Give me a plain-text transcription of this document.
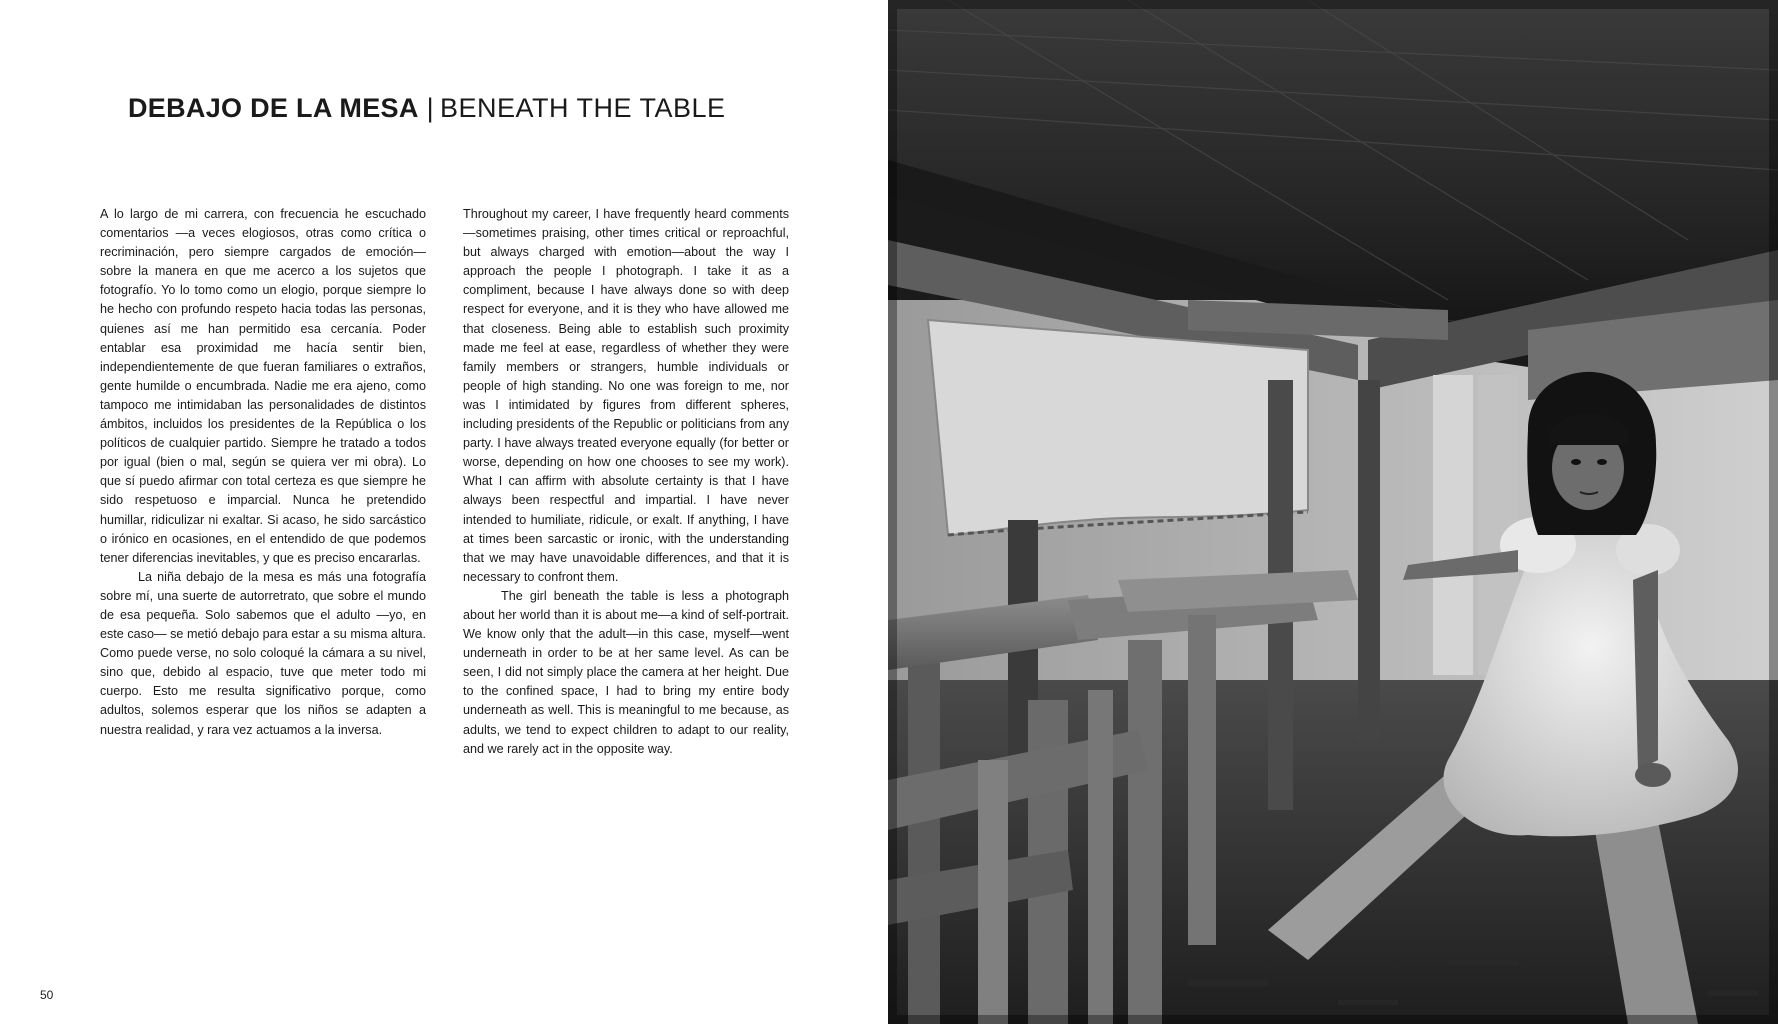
DEBAJO DE LA MESA | BENEATH THE TABLE

A lo largo de mi carrera, con frecuencia he escuchado comentarios —a veces elogiosos, otras como crítica o recriminación, pero siempre cargados de emoción— sobre la manera en que me acerco a los sujetos que fotografío. Yo lo tomo como un elogio, porque siempre lo he hecho con profundo respeto hacia todas las personas, quienes así me han permitido esa cercanía. Poder entablar esa proximidad me hacía sentir bien, independientemente de que fueran familiares o extraños, gente humilde o encumbrada. Nadie me era ajeno, como tampoco me intimidaban las personalidades de distintos ámbitos, incluidos los presidentes de la República o los políticos de cualquier partido. Siempre he tratado a todos por igual (bien o mal, según se quiera ver mi obra). Lo que sí puedo afirmar con total certeza es que siempre he sido respetuoso e imparcial. Nunca he pretendido humillar, ridiculizar ni exaltar. Si acaso, he sido sarcástico o irónico en ocasiones, en el entendido de que podemos tener diferencias inevitables, y que es preciso encararlas.

La niña debajo de la mesa es más una fotografía sobre mí, una suerte de autorretrato, que sobre el mundo de esa pequeña. Solo sabemos que el adulto —yo, en este caso— se metió debajo para estar a su misma altura. Como puede verse, no solo coloqué la cámara a su nivel, sino que, debido al espacio, tuve que meter todo mi cuerpo. Esto me resulta significativo porque, como adultos, solemos esperar que los niños se adapten a nuestra realidad, y rara vez actuamos a la inversa.

Throughout my career, I have frequently heard comments—sometimes praising, other times critical or reproachful, but always charged with emotion—about the way I approach the people I photograph. I take it as a compliment, because I have always done so with deep respect for everyone, and it is they who have allowed me that closeness. Being able to establish such proximity made me feel at ease, regardless of whether they were family members or strangers, humble individuals or people of high standing. No one was foreign to me, nor was I intimidated by figures from different spheres, including presidents of the Republic or politicians from any party. I have always treated everyone equally (for better or worse, depending on how one chooses to see my work). What I can affirm with absolute certainty is that I have always been respectful and impartial. I have never intended to humiliate, ridicule, or exalt. If anything, I have at times been sarcastic or ironic, with the understanding that we may have unavoidable differences, and that it is necessary to confront them.

The girl beneath the table is less a photograph about her world than it is about me—a kind of self-portrait. We know only that the adult—in this case, myself—went underneath in order to be at her same level. As can be seen, I did not simply place the camera at her height. Due to the confined space, I had to bring my entire body underneath as well. This is meaningful to me because, as adults, we tend to expect children to adapt to our reality, and we rarely act in the opposite way.

50
